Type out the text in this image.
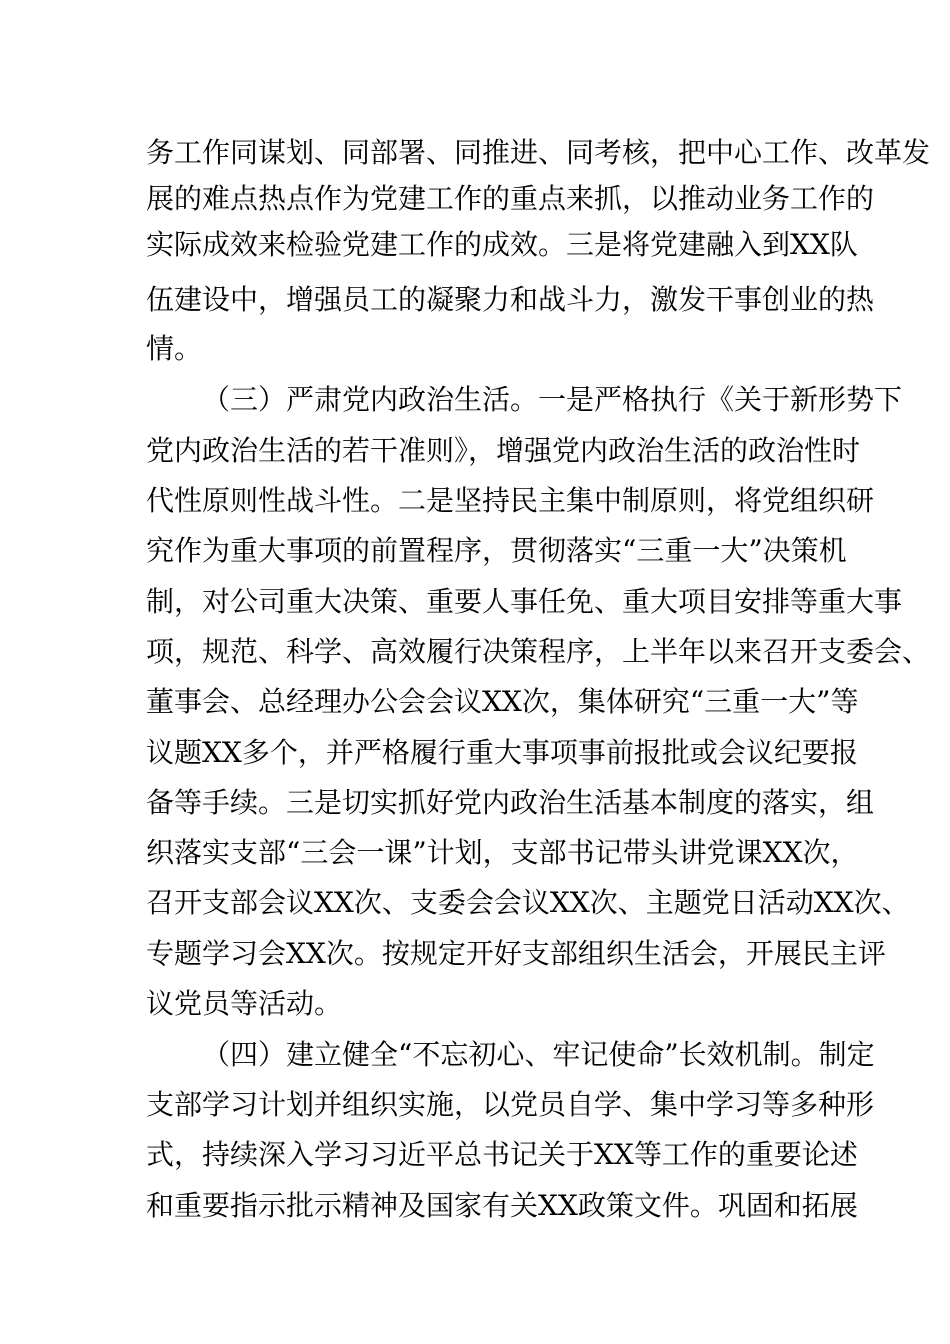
务工作同谋划、同部署、同推进、同考核，把中心工作、改革发
展的难点热点作为党建工作的重点来抓，以推动业务工作的
实际成效来检验党建工作的成效。三是将党建融入到XX队
伍建设中，增强员工的凝聚力和战斗力，激发干事创业的热
情。
（三）严肃党内政治生活。一是严格执行《关于新形势下
党内政治生活的若干准则》，增强党内政治生活的政治性时
代性原则性战斗性。二是坚持民主集中制原则，将党组织研
究作为重大事项的前置程序，贯彻落实“三重一大”决策机
制，对公司重大决策、重要人事任免、重大项目安排等重大事
项，规范、科学、高效履行决策程序，上半年以来召开支委会、
董事会、总经理办公会会议XX次，集体研究“三重一大”等
议题XX多个，并严格履行重大事项事前报批或会议纪要报
备等手续。三是切实抓好党内政治生活基本制度的落实，组
织落实支部“三会一课”计划，支部书记带头讲党课XX次，
召开支部会议XX次、支委会会议XX次、主题党日活动XX次、
专题学习会XX次。按规定开好支部组织生活会，开展民主评
议党员等活动。
（四）建立健全“不忘初心、牢记使命”长效机制。制定
支部学习计划并组织实施，以党员自学、集中学习等多种形
式，持续深入学习习近平总书记关于XX等工作的重要论述
和重要指示批示精神及国家有关XX政策文件。巩固和拓展
